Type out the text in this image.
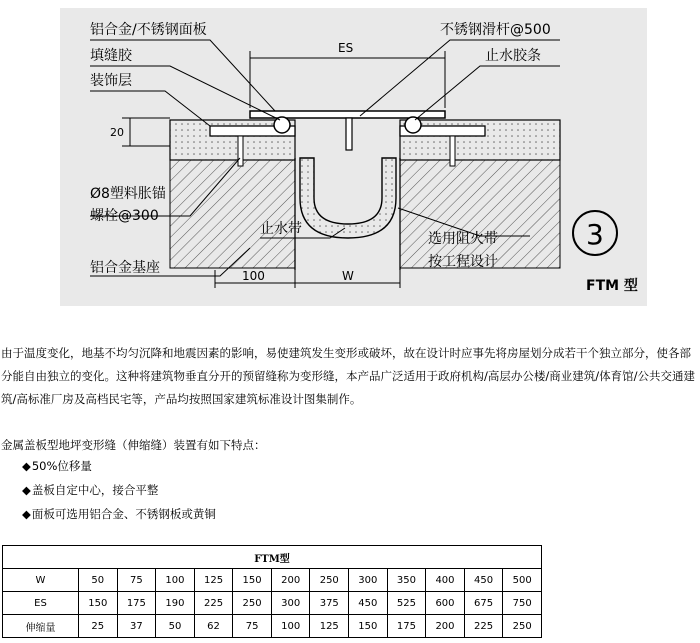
铝合金/不锈钢面板	不锈钢滑杆@500
ES
填缝胶	止水胶条
装饰层
20
Ø8塑料胀锚
螺栓@300
止水带
选用阻火带
按工程设计
铝合金基座	100	W
FTM 型
3
由于温度变化，地基不均匀沉降和地震因素的影响，易使建筑发生变形或破坏，故在设计时应事先将房屋划分成若干个独立部分，使各部分能自由独立的变化。这种将建筑物垂直分开的预留缝称为变形缝，本产品广泛适用于政府机构/高层办公楼/商业建筑/体育馆/公共交通建筑/高标准厂房及高档民宅等，产品均按照国家建筑标准设计图集制作。
金属盖板型地坪变形缝（伸缩缝）装置有如下特点：
◆50%位移量
◆盖板自定中心，接合平整
◆面板可选用铝合金、不锈钢板或黄铜
FTM型												
W	50	75	100	125	150	200	250	300	350	400	450	500
ES	150	175	190	225	250	300	375	450	525	600	675	750
伸缩量	25	37	50	62	75	100	125	150	175	200	225	250
